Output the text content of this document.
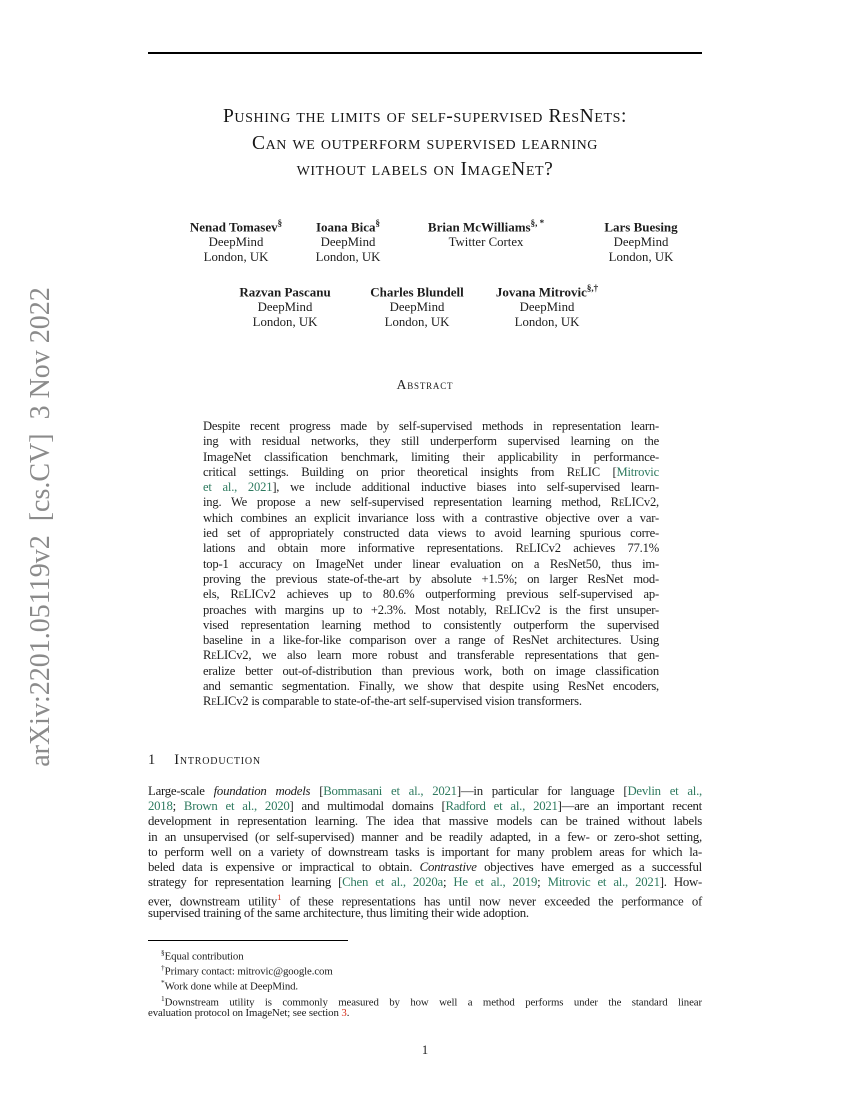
arXiv:2201.05119v2  [cs.CV]  3 Nov 2022
Pushing the limits of self-supervised ResNets:
Can we outperform supervised learning
without labels on ImageNet?
Nenad Tomasev§
DeepMind
London, UK
Ioana Bica§
DeepMind
London, UK
Brian McWilliams§, *
Twitter Cortex
Lars Buesing
DeepMind
London, UK
Razvan Pascanu
DeepMind
London, UK
Charles Blundell
DeepMind
London, UK
Jovana Mitrovic§,†
DeepMind
London, UK
Abstract
Despite recent progress made by self-supervised methods in representation learn-
ing with residual networks, they still underperform supervised learning on the
ImageNet classification benchmark, limiting their applicability in performance-
critical settings. Building on prior theoretical insights from ReLIC [Mitrovic
et al., 2021], we include additional inductive biases into self-supervised learn-
ing. We propose a new self-supervised representation learning method, ReLICv2,
which combines an explicit invariance loss with a contrastive objective over a var-
ied set of appropriately constructed data views to avoid learning spurious corre-
lations and obtain more informative representations. ReLICv2 achieves 77.1%
top-1 accuracy on ImageNet under linear evaluation on a ResNet50, thus im-
proving the previous state-of-the-art by absolute +1.5%; on larger ResNet mod-
els, ReLICv2 achieves up to 80.6% outperforming previous self-supervised ap-
proaches with margins up to +2.3%. Most notably, ReLICv2 is the first unsuper-
vised representation learning method to consistently outperform the supervised
baseline in a like-for-like comparison over a range of ResNet architectures. Using
ReLICv2, we also learn more robust and transferable representations that gen-
eralize better out-of-distribution than previous work, both on image classification
and semantic segmentation. Finally, we show that despite using ResNet encoders,
ReLICv2 is comparable to state-of-the-art self-supervised vision transformers.
1 Introduction
Large-scale foundation models [Bommasani et al., 2021]—in particular for language [Devlin et al.,
2018; Brown et al., 2020] and multimodal domains [Radford et al., 2021]—are an important recent
development in representation learning. The idea that massive models can be trained without labels
in an unsupervised (or self-supervised) manner and be readily adapted, in a few- or zero-shot setting,
to perform well on a variety of downstream tasks is important for many problem areas for which la-
beled data is expensive or impractical to obtain. Contrastive objectives have emerged as a successful
strategy for representation learning [Chen et al., 2020a; He et al., 2019; Mitrovic et al., 2021]. How-
ever, downstream utility$^1$ of these representations has until now never exceeded the performance of
supervised training of the same architecture, thus limiting their wide adoption.
§Equal contribution
†Primary contact: mitrovic@google.com
*Work done while at DeepMind.
$^1$Downstream utility is commonly measured by how well a method performs under the standard linear
evaluation protocol on ImageNet; see section 3.
1
